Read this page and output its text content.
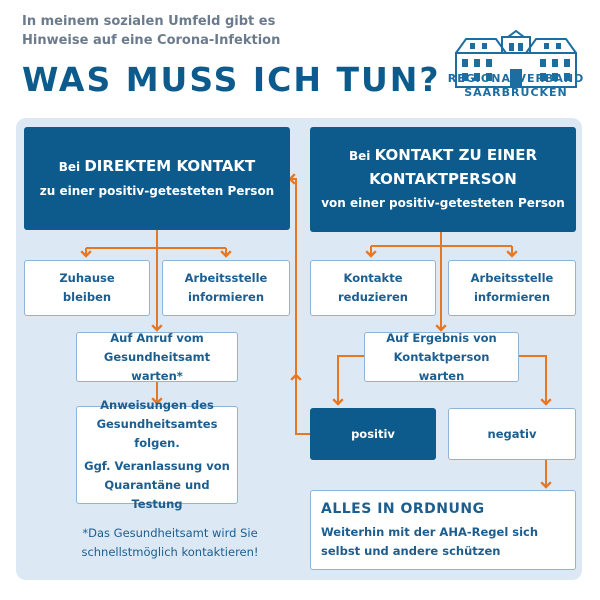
In meinem sozialen Umfeld gibt es Hinweise auf eine Corona-Infektion
WAS MUSS ICH TUN? REGIONALVERBAND
SAARBRÜCKEN
Bei DIREKTEM KONTAKT
zu einer positiv-getesteten Person
Zuhause bleiben
Arbeitsstelle informieren
Auf Anruf vom Gesundheitsamt warten*
Anweisungen des Gesundheitsamtes folgen.
Ggf. Veranlassung von Quarantäne und Testung
*Das Gesundheitsamt wird Sie schnellstmöglich kontaktieren!
Bei KONTAKT ZU EINER KONTAKTPERSON
von einer positiv-getesteten Person
Kontakte reduzieren
Arbeitsstelle informieren
Auf Ergebnis von Kontaktperson warten
positiv	negativ
ALLES IN ORDNUNG
Weiterhin mit der AHA-Regel sich selbst und andere schützen
